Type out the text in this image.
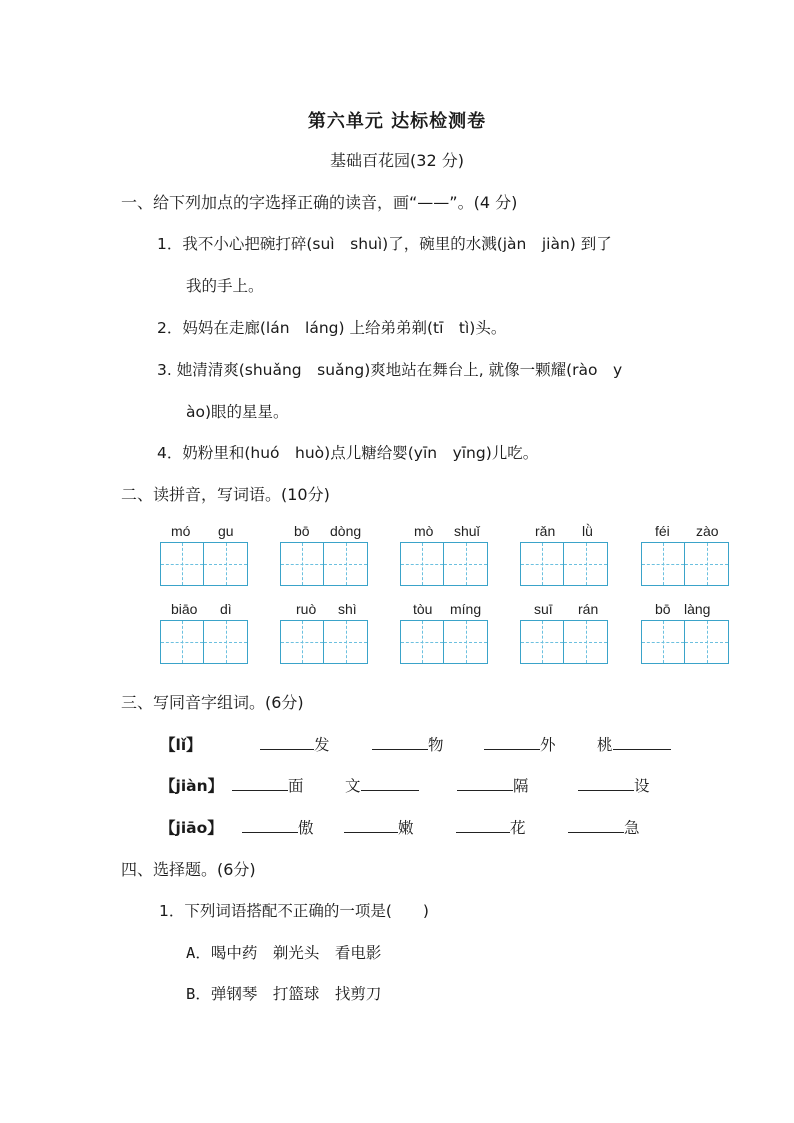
第六单元 达标检测卷
基础百花园(32 分)
一、给下列加点的字选择正确的读音，画“——”。(4 分)
1．我不小心把碗打碎(suì　shuì)了，碗里的水溅(jàn　jiàn) 到了
我的手上。
2．妈妈在走廊(lán　láng) 上给弟弟剃(tī　tì)头。
3. 她清清爽(shuǎng　suǎng)爽地站在舞台上, 就像一颗耀(rào　y
ào)眼的星星。
4．奶粉里和(huó　huò)点儿糖给婴(yīn　yīng)儿吃。
二、读拼音，写词语。(10分)
mó gu	bō dòng	mò shuǐ	rǎn lǜ	féi zào
biāo dì	ruò shì	tòu míng	suī rán	bō làng
三、写同音字组词。(6分)
【lǐ】	发	物	外	桃
【jiàn】	面	文	隔	设
【jiāo】	傲	嫩	花	急
四、选择题。(6分)
1．下列词语搭配不正确的一项是(　　)
A．喝中药　剃光头　看电影
B．弹钢琴　打篮球　找剪刀
